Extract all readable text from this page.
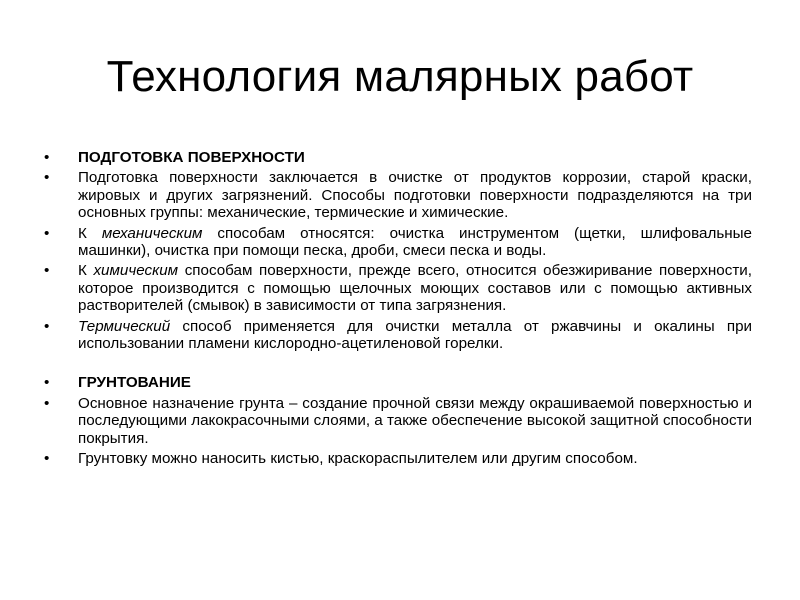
Технология малярных работ
• ПОДГОТОВКА ПОВЕРХНОСТИ
• Подготовка поверхности заключается в очистке от продуктов коррозии, старой краски, жировых и других загрязнений. Способы подготовки поверхности подразделяются на три основных группы: механические, термические и химические.
• К механическим способам относятся: очистка инструментом (щетки, шлифовальные машинки), очистка при помощи песка, дроби, смеси песка и воды.
• К химическим способам поверхности, прежде всего, относится обезжиривание поверхности, которое производится с помощью щелочных моющих составов или с помощью активных растворителей (смывок) в зависимости от типа загрязнения.
• Термический способ применяется для очистки металла от ржавчины и окалины при использовании пламени кислородно-ацетиленовой горелки.
• ГРУНТОВАНИЕ
• Основное назначение грунта – создание прочной связи между окрашиваемой поверхностью и последующими лакокрасочными слоями, а также обеспечение высокой защитной способности покрытия.
• Грунтовку можно наносить кистью, краскораспылителем или другим способом.
